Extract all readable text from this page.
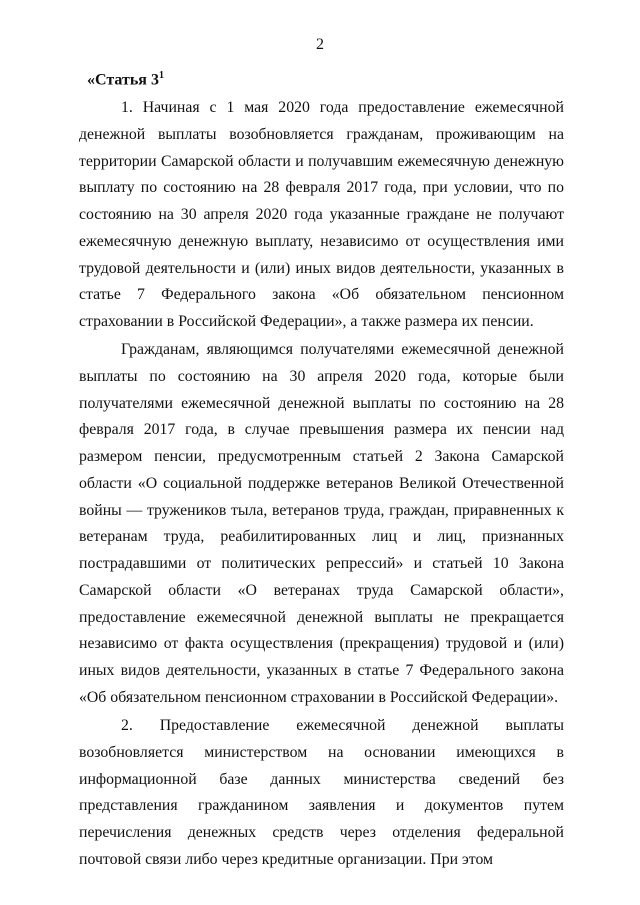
2
«Статья $3^1$
1. Начиная с 1 мая 2020 года предоставление ежемесячной денежной выплаты возобновляется гражданам, проживающим на территории Самарской области и получавшим ежемесячную денежную выплату по состоянию на 28 февраля 2017 года, при условии, что по состоянию на 30 апреля 2020 года указанные граждане не получают ежемесячную денежную выплату, независимо от осуществления ими трудовой деятельности и (или) иных видов деятельности, указанных в статье 7 Федерального закона «Об обязательном пенсионном страховании в Российской Федерации», а также размера их пенсии.
Гражданам, являющимся получателями ежемесячной денежной выплаты по состоянию на 30 апреля 2020 года, которые были получателями ежемесячной денежной выплаты по состоянию на 28 февраля 2017 года, в случае превышения размера их пенсии над размером пенсии, предусмотренным статьей 2 Закона Самарской области «О социальной поддержке ветеранов Великой Отечественной войны — тружеников тыла, ветеранов труда, граждан, приравненных к ветеранам труда, реабилитированных лиц и лиц, признанных пострадавшими от политических репрессий» и статьей 10 Закона Самарской области «О ветеранах труда Самарской области», предоставление ежемесячной денежной выплаты не прекращается независимо от факта осуществления (прекращения) трудовой и (или) иных видов деятельности, указанных в статье 7 Федерального закона «Об обязательном пенсионном страховании в Российской Федерации».
2. Предоставление ежемесячной денежной выплаты возобновляется министерством на основании имеющихся в информационной базе данных министерства сведений без представления гражданином заявления и документов путем перечисления денежных средств через отделения федеральной почтовой связи либо через кредитные организации. При этом
